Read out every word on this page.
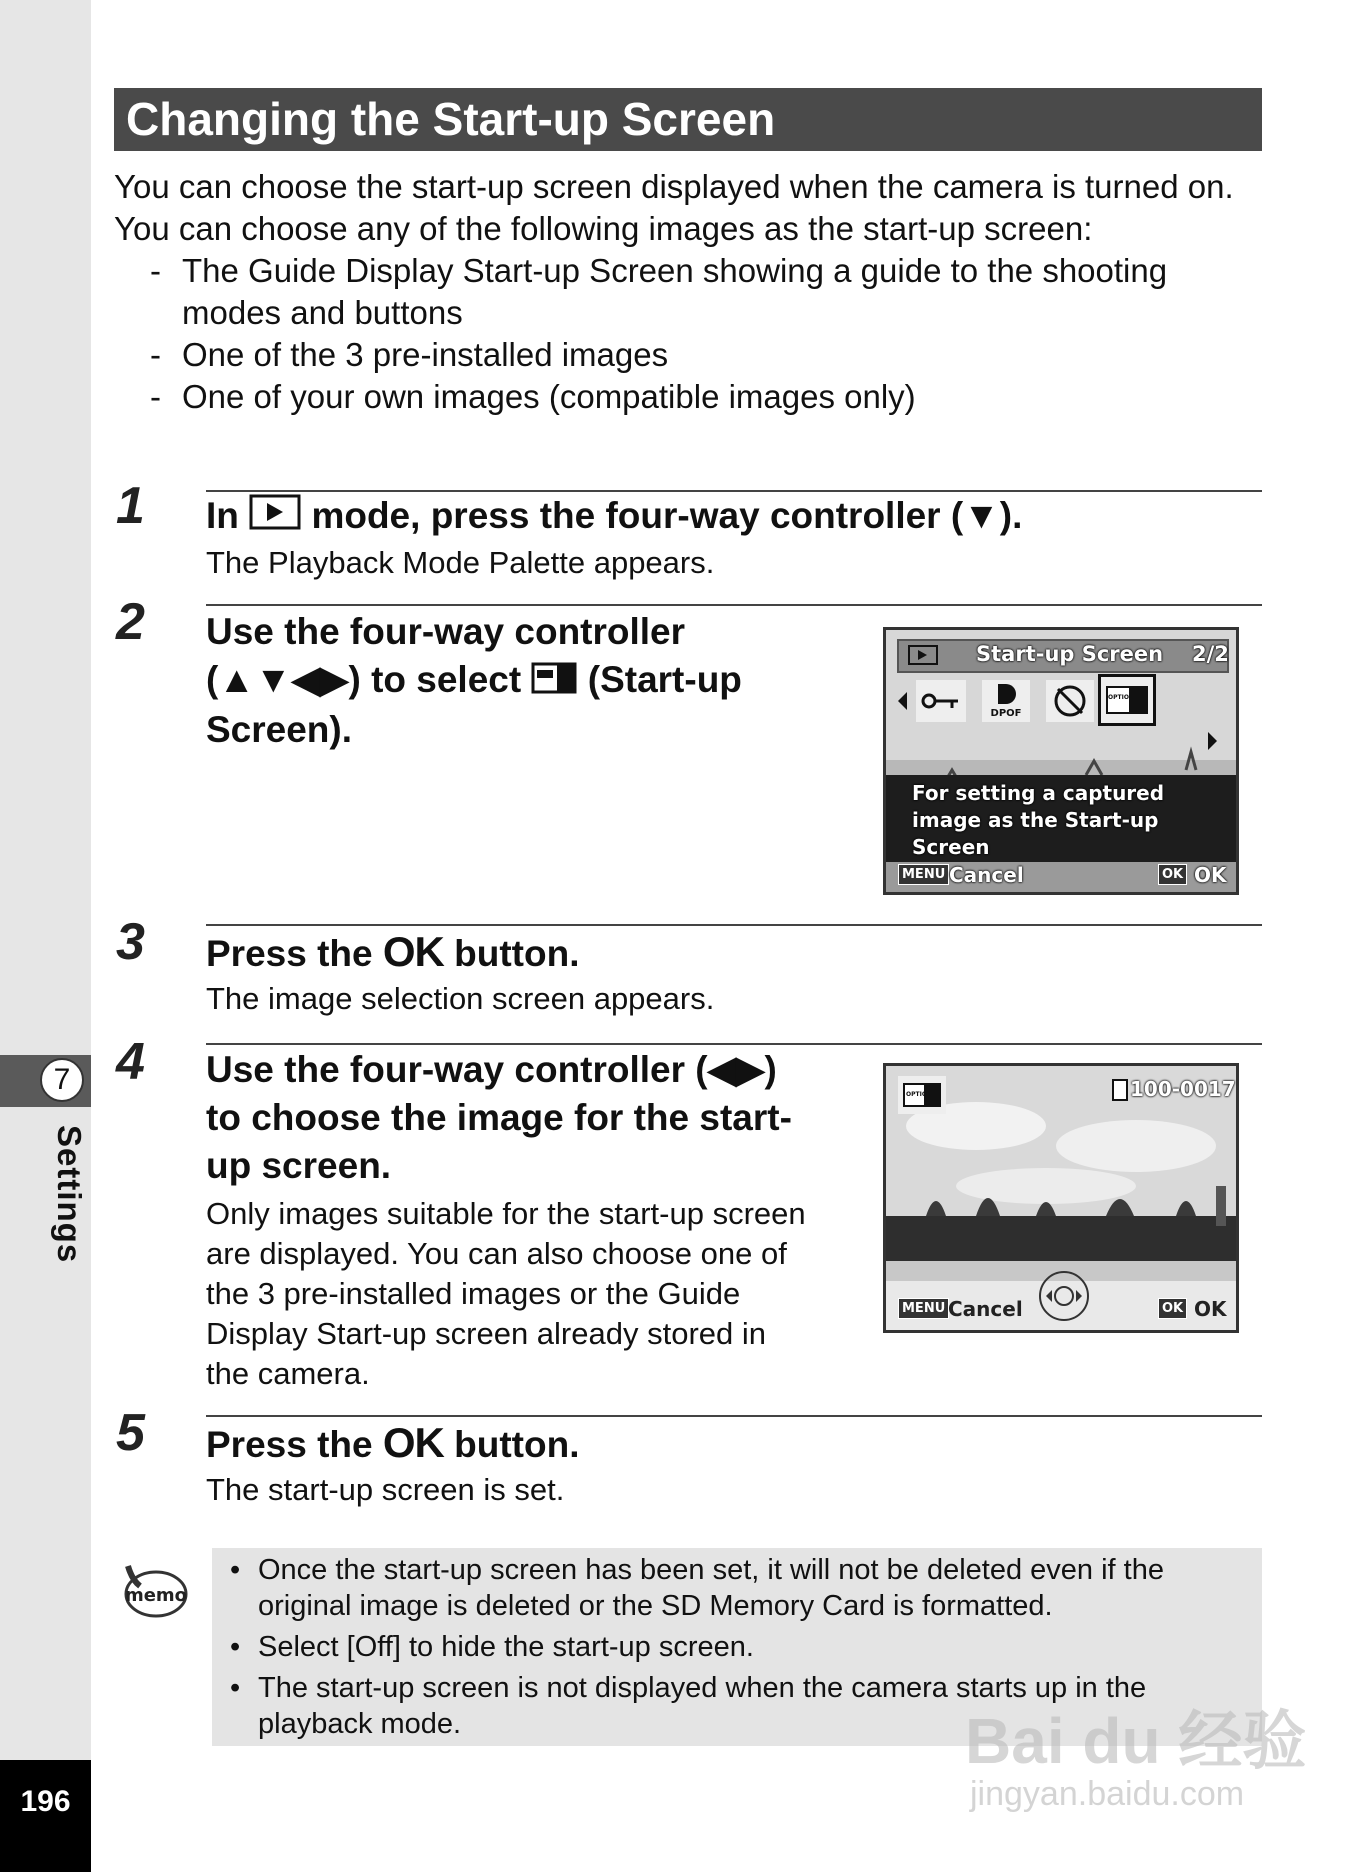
7
Settings
196
Changing the Start-up Screen

You can choose the start-up screen displayed when the camera is turned on.

You can choose any of the following images as the start-up screen:

- The Guide Display Start-up Screen showing a guide to the shooting modes and buttons
- One of the 3 pre-installed images
- One of your own images (compatible images only)
1 In mode, press the four-way controller (▼).
The Playback Mode Palette appears.
2 Use the four-way controller
(▲▼◀▶) to select (Start-up
Screen).
Start-up Screen 2/2
DPOF
OPTIO
For setting a captured
image as the Start-up
Screen
MENU Cancel	OK OK
3 Press the OK button.
The image selection screen appears.
4 Use the four-way controller (◀▶)
to choose the image for the start-
up screen.
Only images suitable for the start-up screen
are displayed. You can also choose one of
the 3 pre-installed images or the Guide
Display Start-up screen already stored in
the camera.
OPTIO	100-0017
MENU Cancel	OK OK
5 Press the OK button.
The start-up screen is set.
memo
• Once the start-up screen has been set, it will not be deleted even if the original image is deleted or the SD Memory Card is formatted.
• Select [Off] to hide the start-up screen.
• The start-up screen is not displayed when the camera starts up in the playback mode.	Bai du 经验
jingyan.baidu.com
